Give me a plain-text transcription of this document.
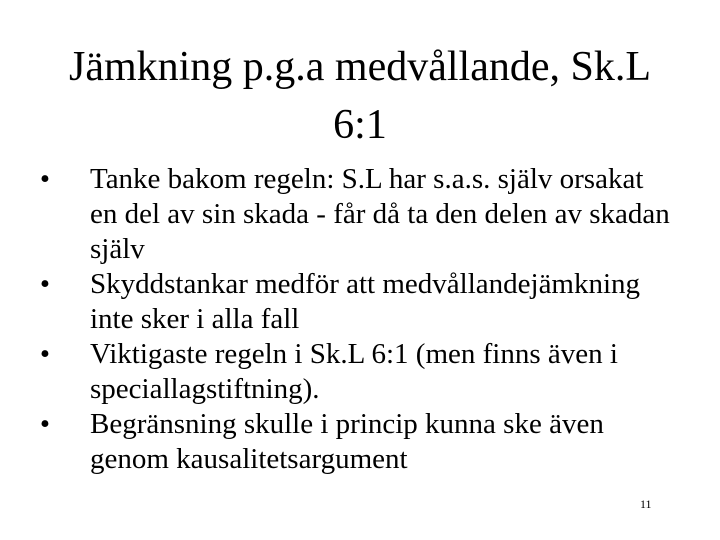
Jämkning p.g.a medvållande, Sk.L 6:1
•	Tanke bakom regeln: S.L har s.a.s. själv orsakat en del av sin skada - får då ta den delen av skadan själv
•	Skyddstankar medför att medvållandejämkning inte sker i alla fall
•	Viktigaste regeln i Sk.L 6:1 (men finns även i speciallagstiftning).
•	Begränsning skulle i princip kunna ske även genom kausalitetsargument
11
